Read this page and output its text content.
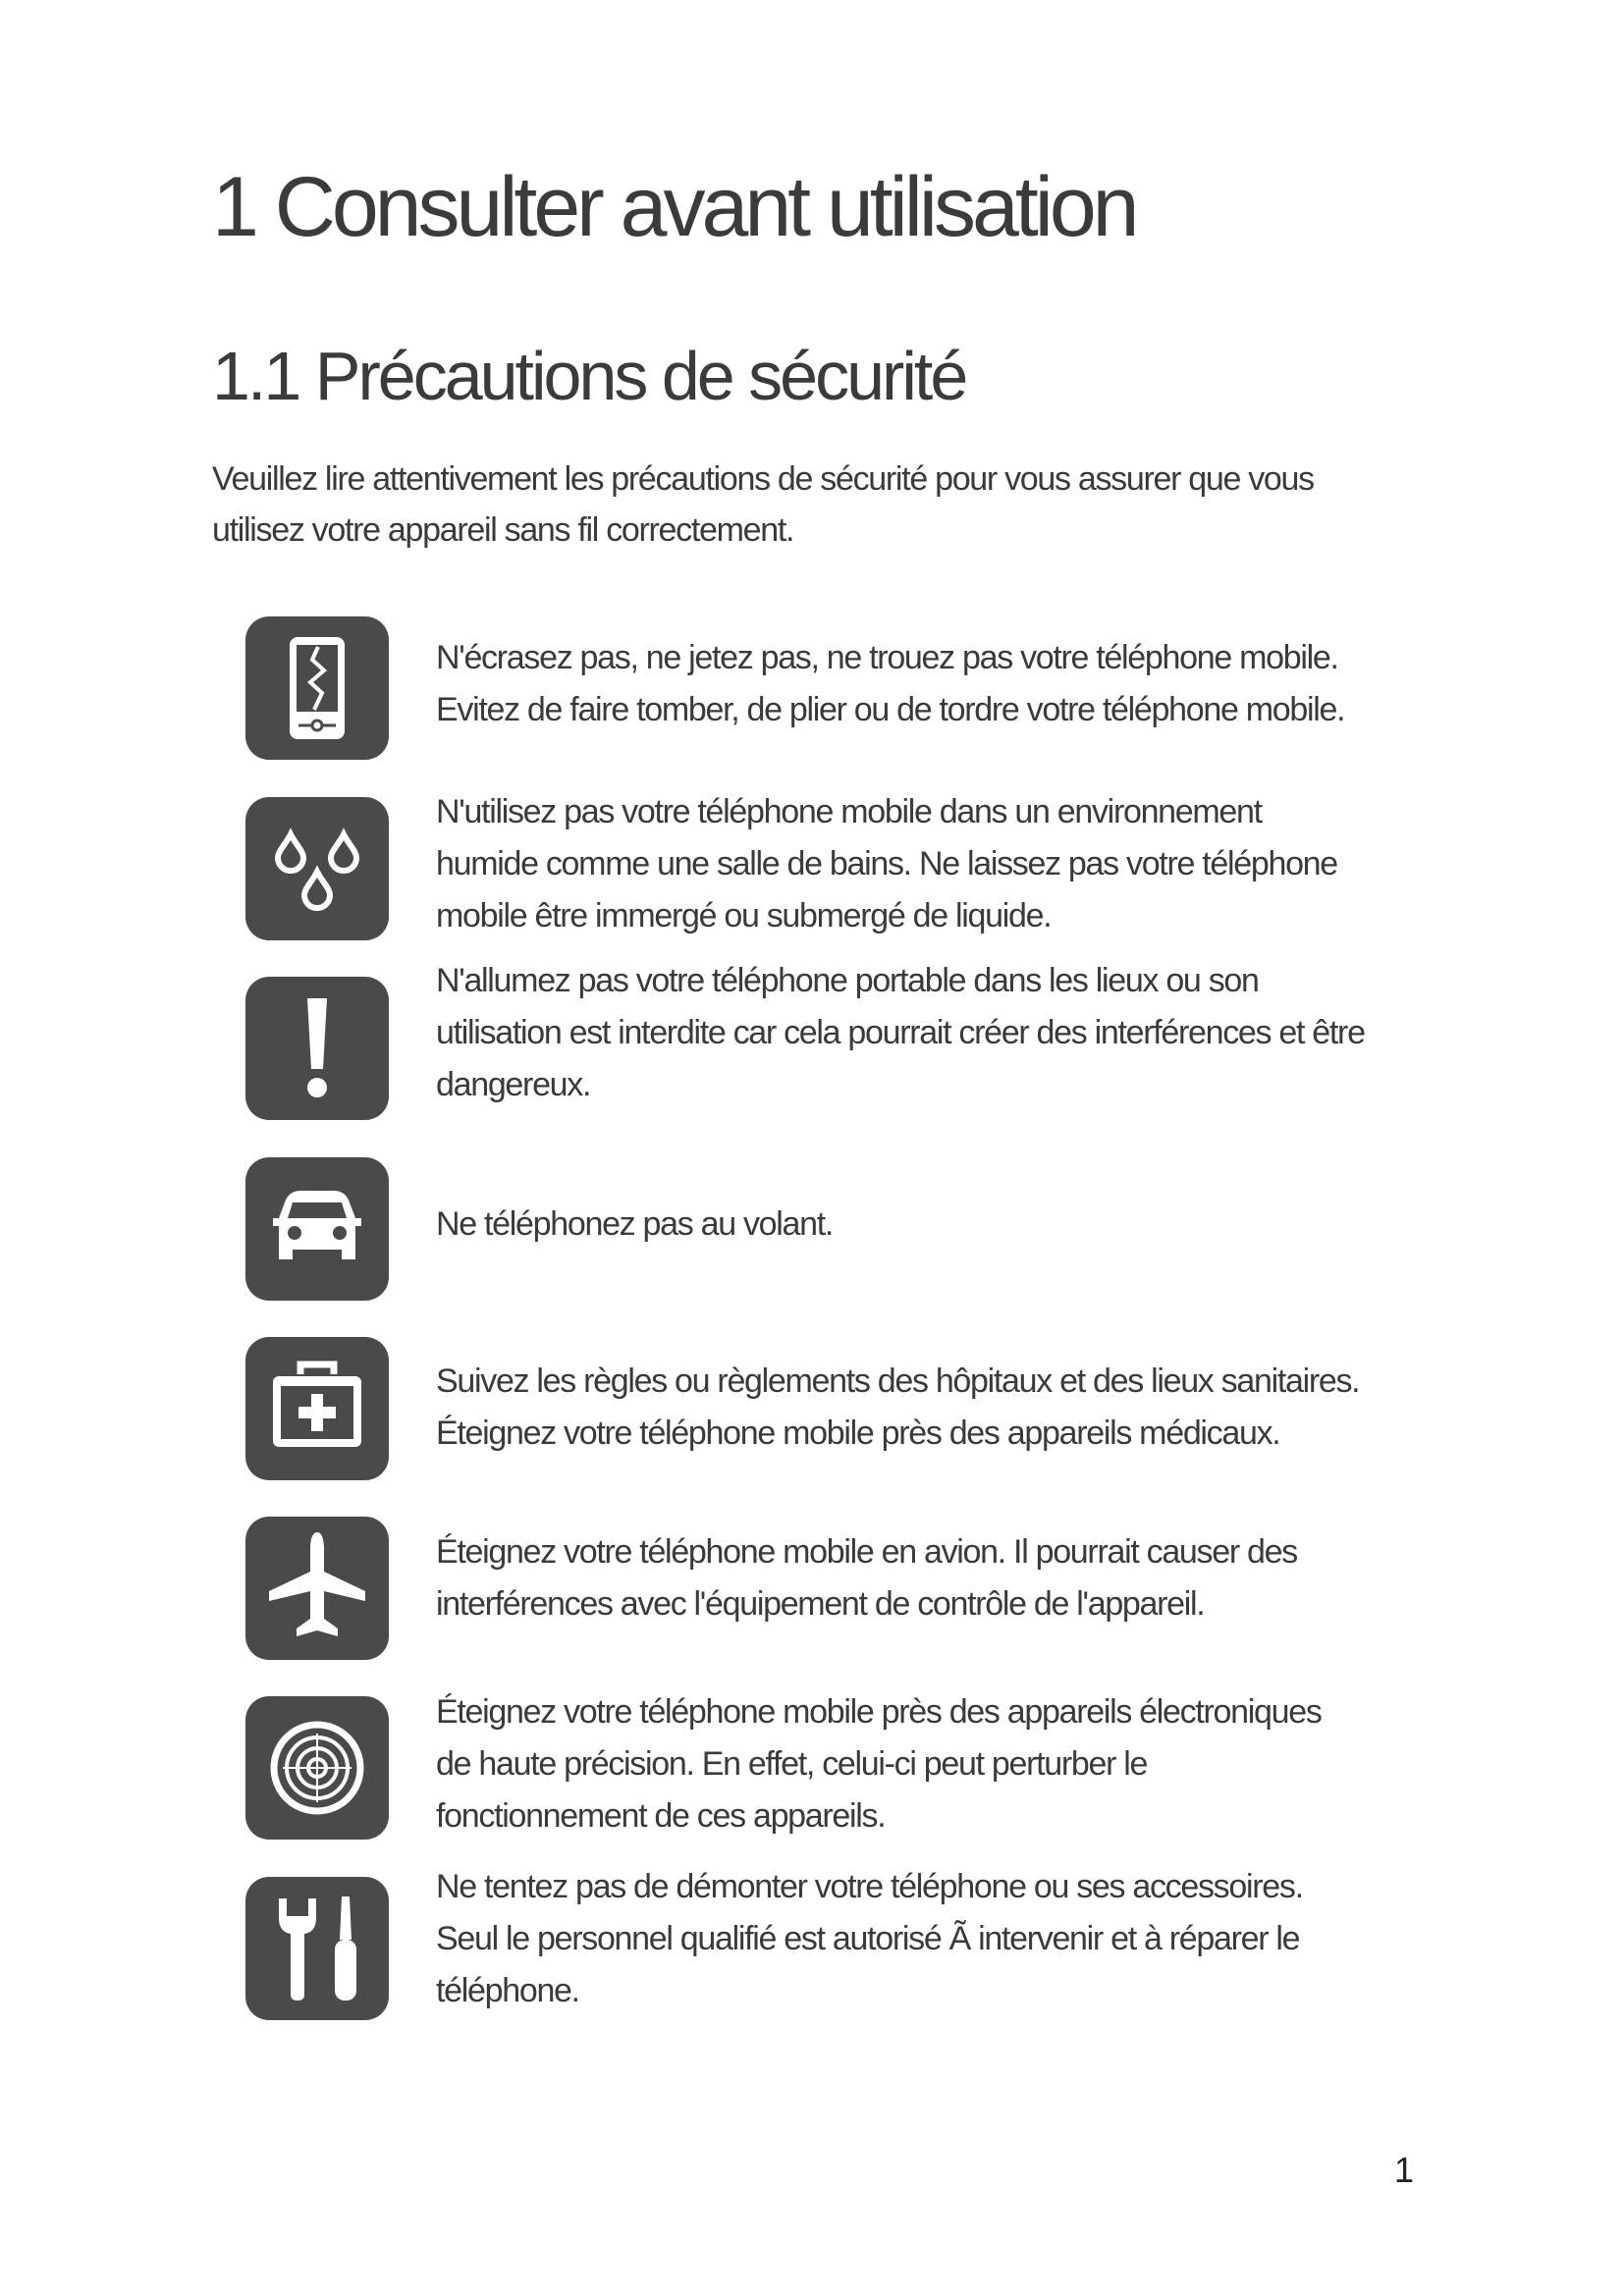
1 Consulter avant utilisation
1.1 Précautions de sécurité

Veuillez lire attentivement les précautions de sécurité pour vous assurer que vous
utilisez votre appareil sans fil correctement.

N'écrasez pas, ne jetez pas, ne trouez pas votre téléphone mobile.
Evitez de faire tomber, de plier ou de tordre votre téléphone mobile.

N'utilisez pas votre téléphone mobile dans un environnement
humide comme une salle de bains. Ne laissez pas votre téléphone
mobile être immergé ou submergé de liquide.

N'allumez pas votre téléphone portable dans les lieux ou son
utilisation est interdite car cela pourrait créer des interférences et être
dangereux.

Ne téléphonez pas au volant.

Suivez les règles ou règlements des hôpitaux et des lieux sanitaires.
Éteignez votre téléphone mobile près des appareils médicaux.

Éteignez votre téléphone mobile en avion. Il pourrait causer des
interférences avec l'équipement de contrôle de l'appareil.

Éteignez votre téléphone mobile près des appareils électroniques
de haute précision. En effet, celui-ci peut perturber le
fonctionnement de ces appareils.

Ne tentez pas de démonter votre téléphone ou ses accessoires.
Seul le personnel qualifié est autorisé Ã intervenir et à réparer le
téléphone.

1
